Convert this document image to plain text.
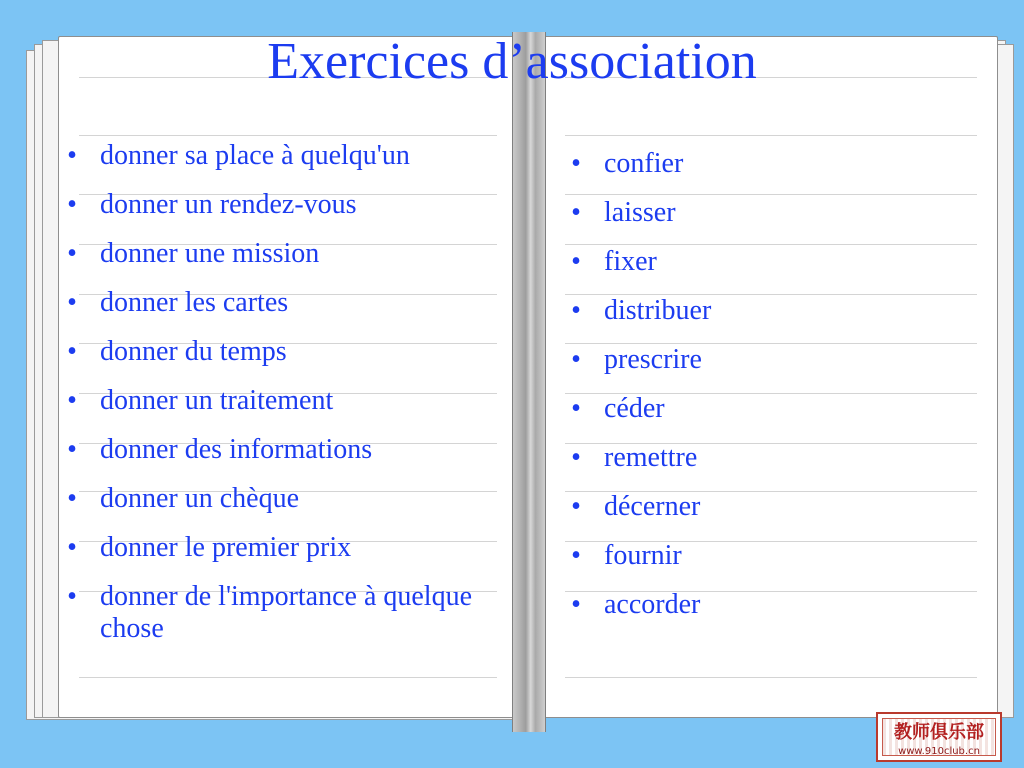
Exercices d’association
• donner sa place à quelqu'un
• donner un rendez-vous
• donner une mission
• donner les cartes
• donner du temps
• donner un traitement
• donner des informations
• donner un chèque
• donner le premier prix
• donner de l'importance à quelque chose
• confier
• laisser
• fixer
• distribuer
• prescrire
• céder
• remettre
• décerner
• fournir
• accorder
教师俱乐部
www.910club.cn
